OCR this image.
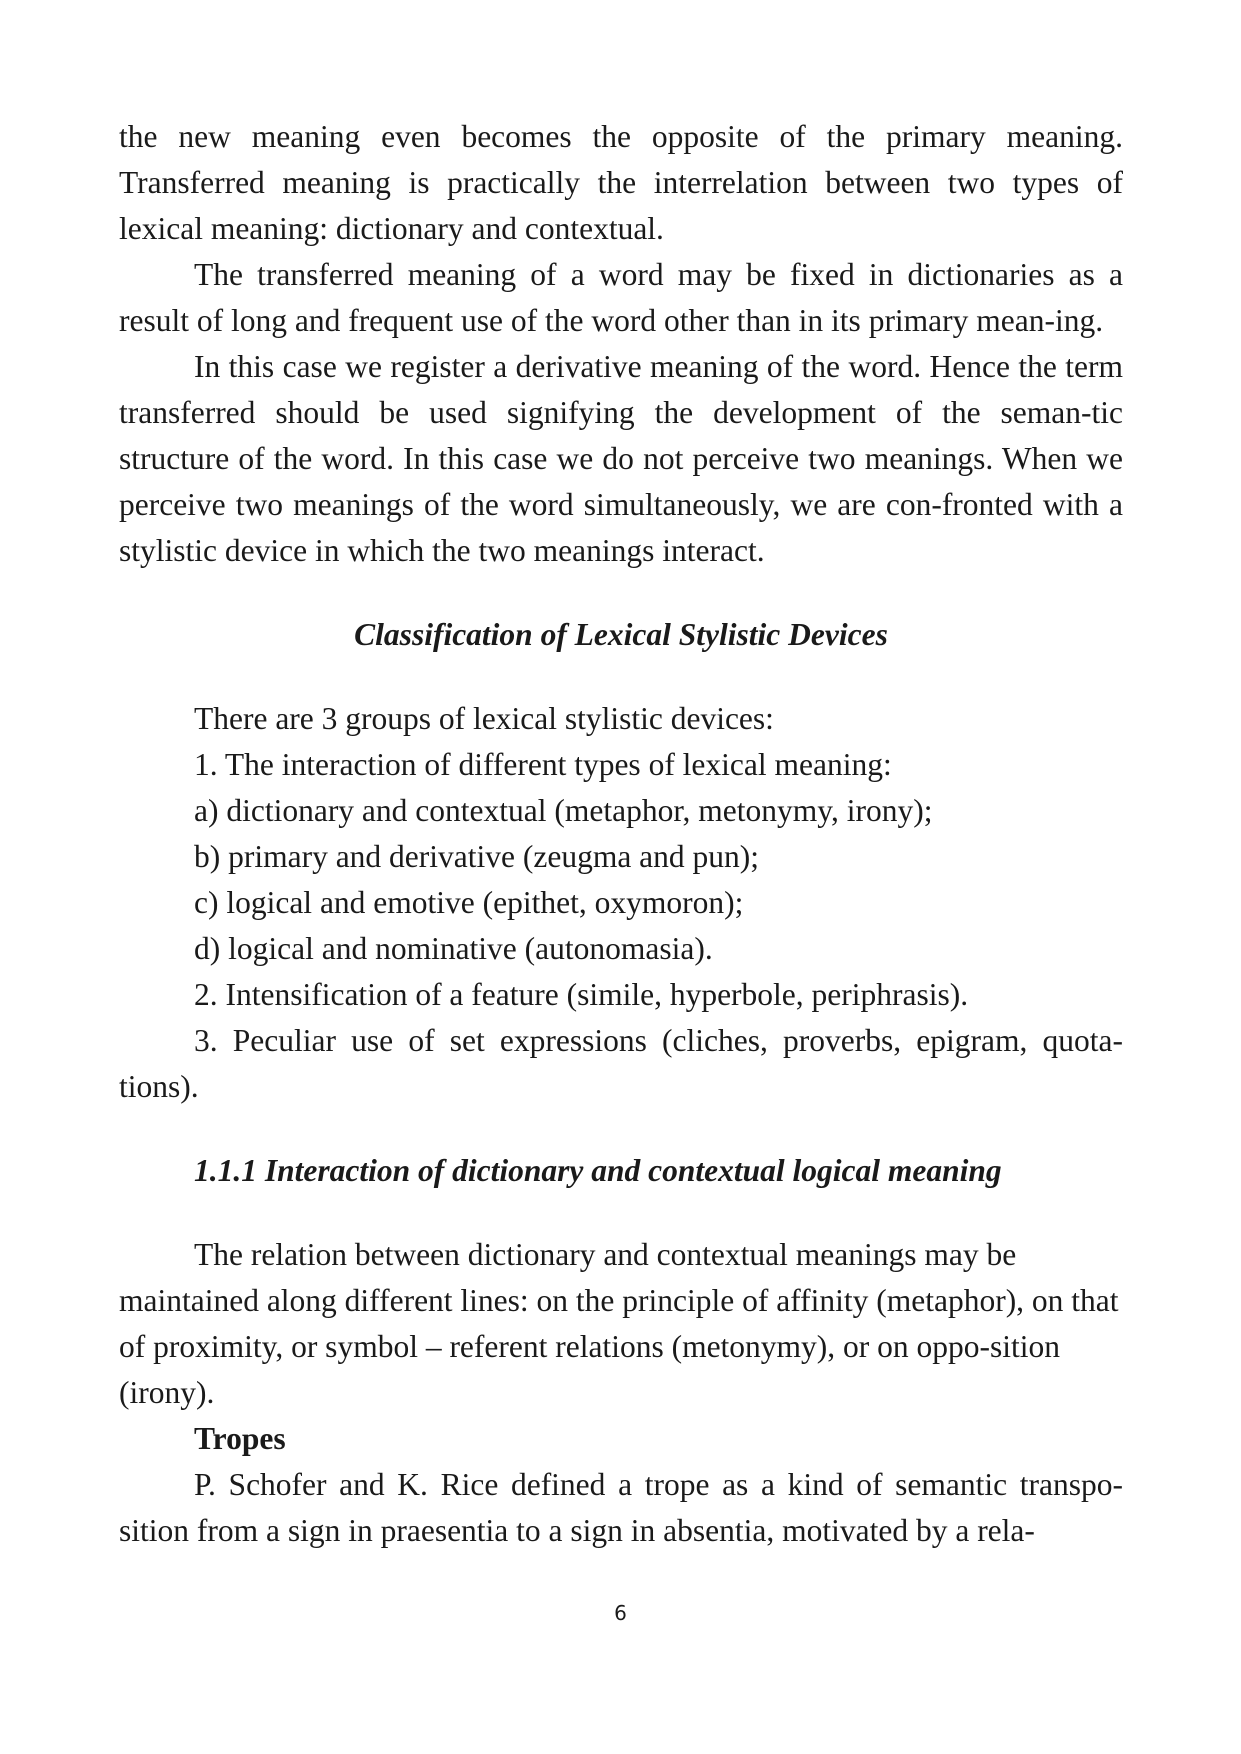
the new meaning even becomes the opposite of the primary meaning. Transferred meaning is practically the interrelation between two types of lexical meaning: dictionary and contextual.

The transferred meaning of a word may be fixed in dictionaries as a result of long and frequent use of the word other than in its primary mean-ing.

In this case we register a derivative meaning of the word. Hence the term transferred should be used signifying the development of the seman-tic structure of the word. In this case we do not perceive two meanings. When we perceive two meanings of the word simultaneously, we are con-fronted with a stylistic device in which the two meanings interact.

Classification of Lexical Stylistic Devices

There are 3 groups of lexical stylistic devices:

1. The interaction of different types of lexical meaning:

a) dictionary and contextual (metaphor, metonymy, irony);

b) primary and derivative (zeugma and pun);

c) logical and emotive (epithet, oxymoron);

d) logical and nominative (autonomasia).

2. Intensification of a feature (simile, hyperbole, periphrasis).

3. Peculiar use of set expressions (cliches, proverbs, epigram, quota-tions).

1.1.1 Interaction of dictionary and contextual logical meaning

The relation between dictionary and contextual meanings may be maintained along different lines: on the principle of affinity (metaphor), on that of proximity, or symbol – referent relations (metonymy), or on oppo-sition (irony).

Tropes

P. Schofer and K. Rice defined a trope as a kind of semantic transpo-sition from a sign in praesentia to a sign in absentia, motivated by a rela-

6
